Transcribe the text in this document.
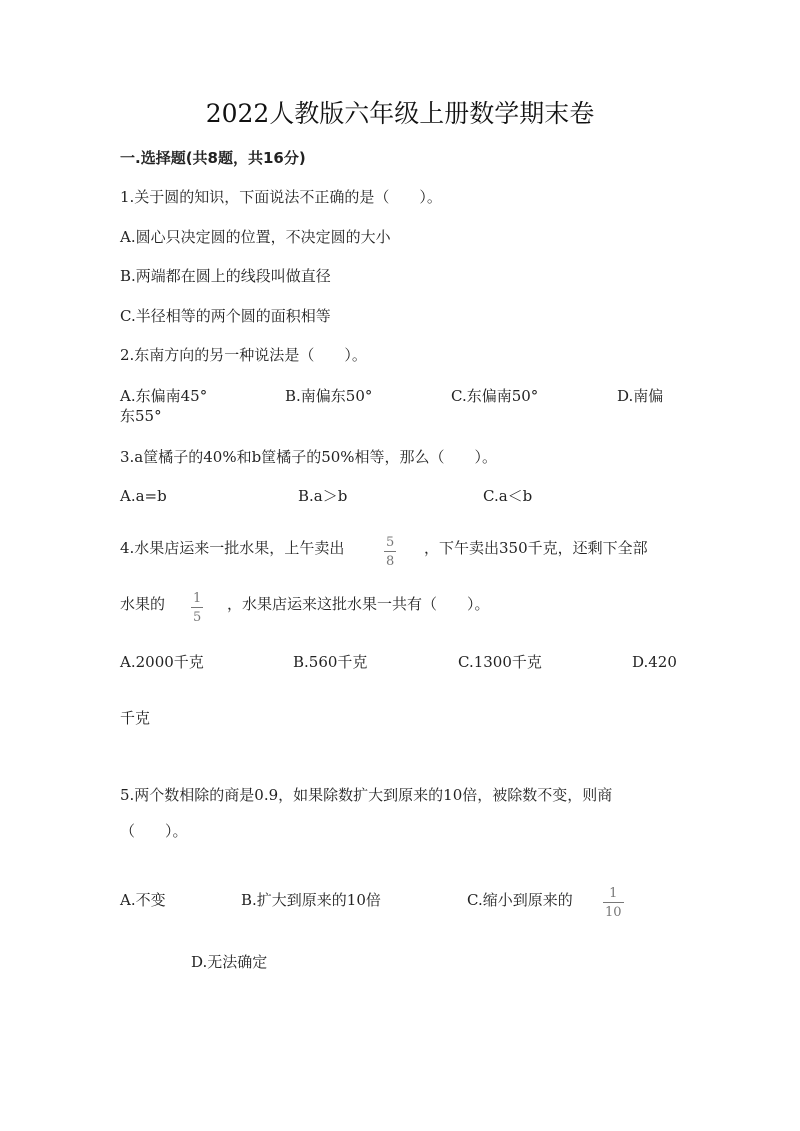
2022人教版六年级上册数学期末卷
一.选择题(共8题，共16分)
1.关于圆的知识，下面说法不正确的是（　　）。
A.圆心只决定圆的位置，不决定圆的大小
B.两端都在圆上的线段叫做直径
C.半径相等的两个圆的面积相等
2.东南方向的另一种说法是（　　）。
A.东偏南45°	B.南偏东50°	C.东偏南50°	D.南偏
东55°
3.a筐橘子的40%和b筐橘子的50%相等，那么（　　）。
A.a=b	B.a＞b	C.a＜b
4.水果店运来一批水果，上午卖出	5
8
，下午卖出350千克，还剩下全部
水果的 1
5
，水果店运来这批水果一共有（　　）。
A.2000千克	B.560千克	C.1300千克	D.420
千克
5.两个数相除的商是0.9，如果除数扩大到原来的10倍，被除数不变，则商
（　　）。
A.不变	B.扩大到原来的10倍	C.缩小到原来的	1
10
D.无法确定
